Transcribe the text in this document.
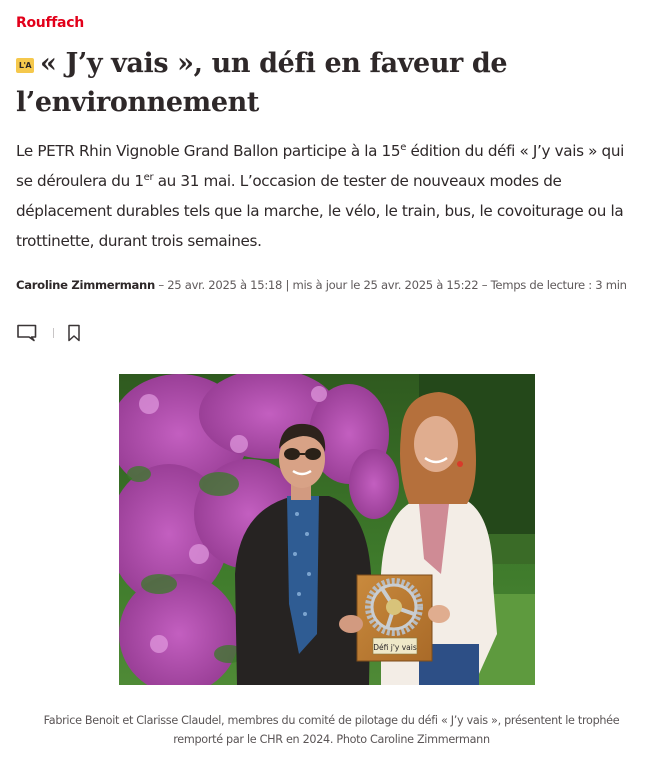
Rouffach
L'A « J’y vais », un défi en faveur de l’environnement

Le PETR Rhin Vignoble Grand Ballon participe à la 15e édition du défi « J’y vais » qui se déroulera du 1er au 31 mai. L’occasion de tester de nouveaux modes de déplacement durables tels que la marche, le vélo, le train, bus, le covoiturage ou la trottinette, durant trois semaines.

Caroline Zimmermann – 25 avr. 2025 à 15:18 | mis à jour le 25 avr. 2025 à 15:22 – Temps de lecture : 3 min
Défi j'y vais
Fabrice Benoit et Clarisse Claudel, membres du comité de pilotage du défi « J’y vais », présentent le trophée remporté par le CHR en 2024. Photo Caroline Zimmermann
